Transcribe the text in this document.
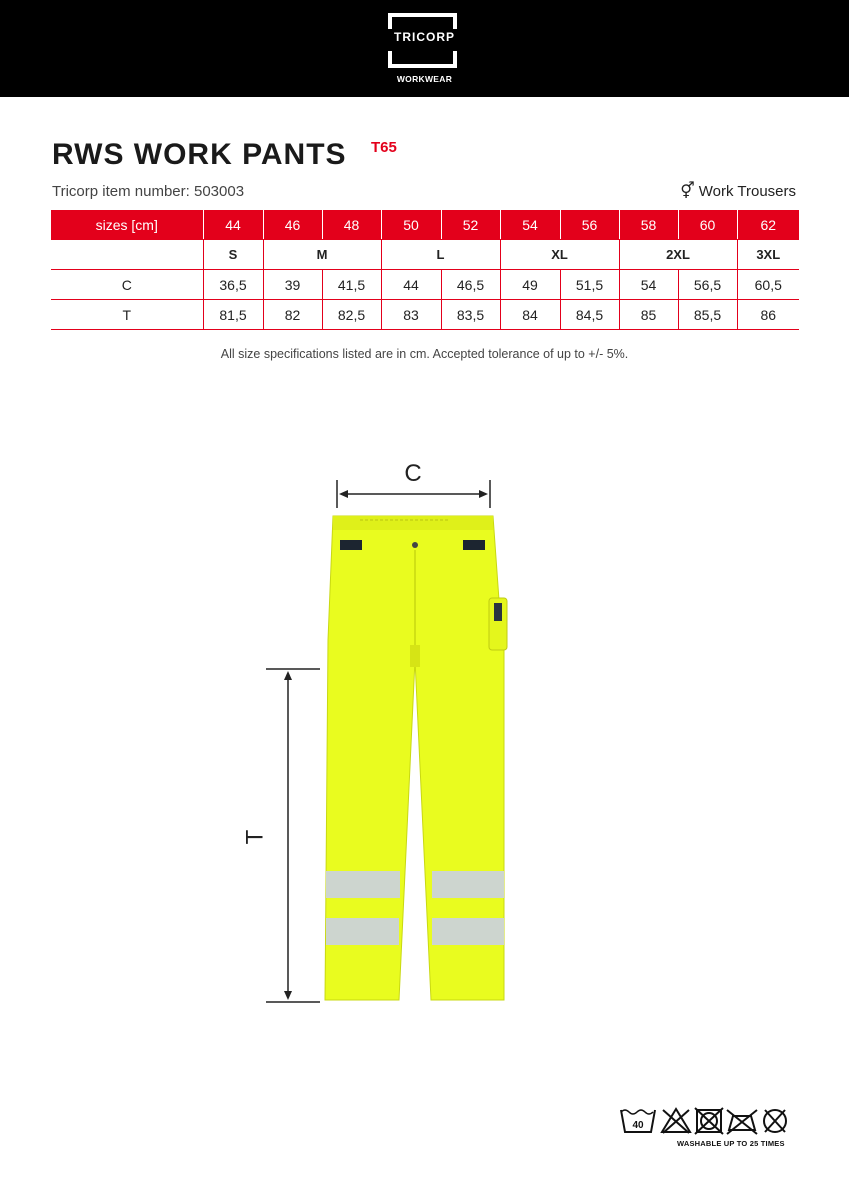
TRICORP
WORKWEAR
RWS WORK PANTS T65
Tricorp item number: 503003	⚥ Work Trousers
sizes [cm]	44	46	48	50	52	54	56	58	60	62
	S	M		L		XL		2XL		3XL
C	36,5	39	41,5	44	46,5	49	51,5	54	56,5	60,5
T	81,5	82	82,5	83	83,5	84	84,5	85	85,5	86
All size specifications listed are in cm. Accepted tolerance of up to +/- 5%.
C
T
40
WASHABLE UP TO 25 TIMES
